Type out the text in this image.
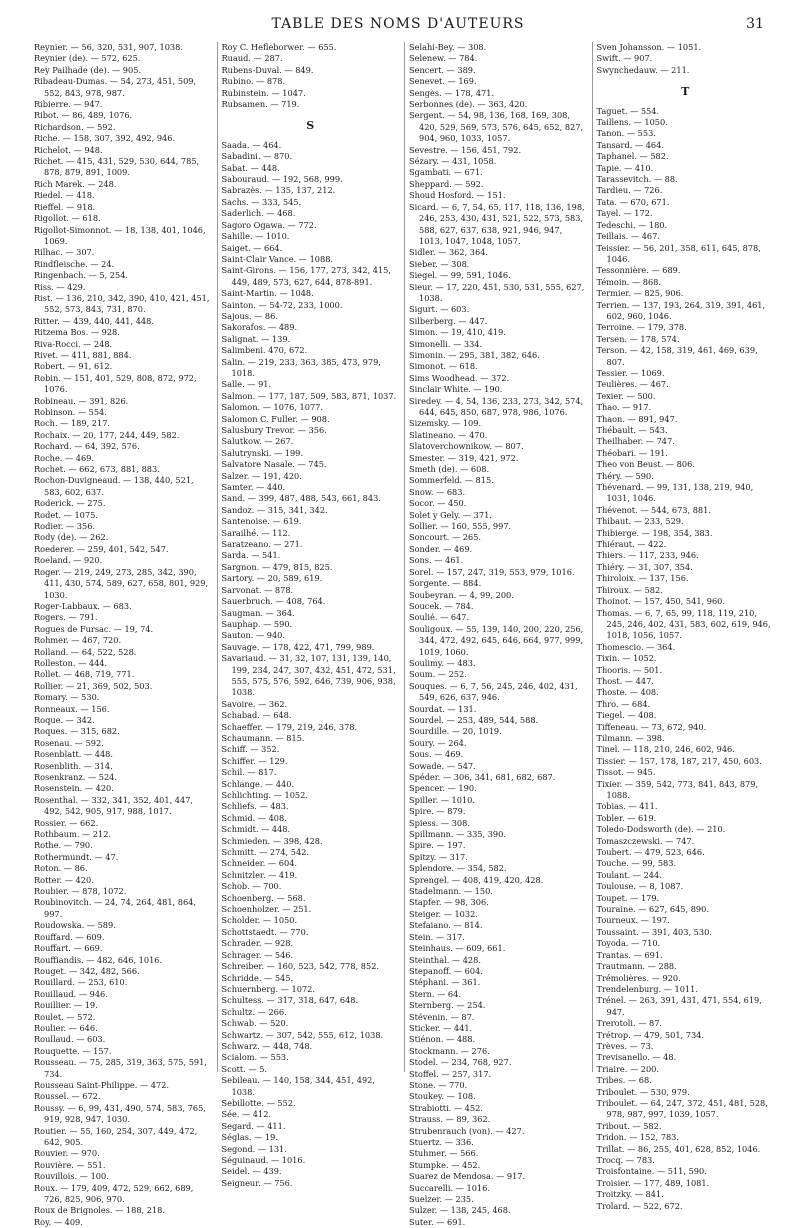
TABLE DES NOMS D'AUTEURS	31

Reynier. — 56, 320, 531, 907, 1038.

Reynier (de). — 572, 625.

Rey Pailhade (de). — 905.

Ribadeau-Dumas. — 54, 273, 451, 509, 552, 843, 978, 987.

Ribierre. — 947.

Ribot. — 86, 489, 1076.

Richardson. — 592.

Riche. — 158, 307, 392, 492, 946.

Richelot. — 948.

Richet. — 415, 431, 529, 530, 644, 785, 878, 879, 891, 1009.

Rich Marek. — 248.

Riedel. — 418.

Rieffel. — 918.

Rigollot. — 618.

Rigollot-Simonnot. — 18, 138, 401, 1046, 1069.

Rilhac. — 307.

Rindfleische. — 24.

Ringenbach. — 5, 254.

Riss. — 429.

Rist. — 136, 210, 342, 390, 410, 421, 451, 552, 573, 843, 731, 870.

Ritter. — 439, 440, 441, 448.

Ritzema Bos. — 928.

Riva-Rocci. — 248.

Rivet. — 411, 881, 884.

Robert. — 91, 612.

Robin. — 151, 401, 529, 808, 872, 972, 1076.

Robineau. — 391, 826.

Robinson. — 554.

Roch. — 189, 217.

Rochaix. — 20, 177, 244, 449, 582.

Rochard. — 64, 392, 576.

Roche. — 469.

Rochet. — 662, 673, 881, 883.

Rochon-Duvigneaud. — 138, 440, 521, 583, 602, 637.

Roderick. — 275.

Rodet. — 1075.

Rodier. — 356.

Rody (de). — 262.

Roederer. — 259, 401, 542, 547.

Roeland. — 920.

Roger. — 219, 249, 273, 285, 342, 390, 411, 430, 574, 589, 627, 658, 801, 929, 1030.

Roger-Labbaux. — 683.

Rogers. — 791.

Rogues de Fursac. — 19, 74.

Rohmer. — 467, 720.

Rolland. — 64, 522, 528.

Rolleston. — 444.

Rollet. — 468, 719, 771.

Rollier. — 21, 369, 502, 503.

Romary. — 530.

Ronneaux. — 156.

Roque. — 342.

Roques. — 315, 682.

Rosenau. — 592.

Rosenblatt. — 448.

Rosenblith. — 314.

Rosenkranz. — 524.

Rosenstein. — 420.

Rosenthal. — 332, 341, 352, 401, 447, 492, 542, 905, 917, 988, 1017.

Rossier. — 662.

Rothbaum. — 212.

Rothe. — 790.

Rothermundt. — 47.

Roton. — 86.

Rotter. — 420.

Roubier. — 878, 1072.

Roubinovitch. — 24, 74, 264, 481, 864, 997.

Roudowska. — 589.

Rouffard. — 609.

Rouffart. — 669.

Rouffiandis. — 482, 646, 1016.

Rouget. — 342, 482, 566.

Rouillard. — 253, 610.

Rouillaud. — 946.

Rouillier. — 19.

Roulet. — 572.

Roulier. — 646.

Roullaud. — 603.

Rouquette. — 157.

Rousseau. — 75, 285, 319, 363, 575, 591, 734.

Rousseau Saint-Philippe. — 472.

Roussel. — 672.

Roussy. — 6, 99, 431, 490, 574, 583, 765, 919, 928, 947, 1030.

Routier. — 55, 160, 254, 307, 449, 472, 642, 905.

Rouvier. — 970.

Rouvière. — 551.

Rouvillois. — 100.

Roux. — 179, 409, 472, 529, 662, 689, 726, 825, 906, 970.

Roux de Brignoles. — 188, 218.

Roy. — 409.

Roy C. Hefleborwer. — 655.

Ruaud. — 287.

Rubens-Duval. — 849.

Rubino. — 878.

Rubinstein. — 1047.

Rubsamen. — 719.

S

Saada. — 464.

Sabadini. — 870.

Sabat. — 448.

Sabouraud. — 192, 568, 999.

Sabrazès. — 135, 137, 212.

Sachs. — 333, 545.

Saderlich. — 468.

Sagoro Ogawa. — 772.

Sahille. — 1010.

Saiget. — 664.

Saint-Clair Vance. — 1088.

Saint-Girons. — 156, 177, 273, 342, 415, 449, 489, 573, 627, 644, 878-891.

Saint-Martin. — 1048.

Sainton. — 54-72, 233, 1000.

Sajous. — 86.

Sakorafos. — 489.

Salignat. — 139.

Salimbeni. 470, 672.

Salin. — 219, 233, 363, 385, 473, 979, 1018.

Salle. — 91.

Salmon. — 177, 187, 509, 583, 871, 1037.

Salomon. — 1076, 1077.

Salomon C. Fuller. — 908.

Salusbury Trevor. — 356.

Salutkow. — 267.

Salutrynski. — 199.

Salvatore Nasale. — 745.

Salzer. — 191, 420.

Samter. — 440.

Sand. — 399, 487, 488, 543, 661, 843.

Sandoz. — 315, 341, 342.

Santenoise. — 619.

Sarailhé. — 112.

Saratzeano. — 271.

Sarda. — 541.

Sargnon. — 479, 815, 825.

Sartory. — 20, 589, 619.

Sarvonat. — 878.

Sauerbruch. — 408, 764.

Saugman. — 364.

Sauphap. — 590.

Sauton. — 940.

Sauvage. — 178, 422, 471, 799, 989.

Savariaud. — 31, 32, 107, 131, 139, 140, 199, 234, 247, 307, 432, 451, 472, 531, 555, 575, 576, 592, 646, 739, 906, 938, 1038.

Savoire. — 362.

Schabad. — 648.

Schaeffer. — 179, 219, 246, 378.

Schaumann. — 815.

Schiff. — 352.

Schiffer. — 129.

Schil. — 817.

Schlange. — 440.

Schlichting. — 1052.

Schliefs. — 483.

Schmid. — 408.

Schmidt. — 448.

Schmieden. — 398, 428.

Schmitt. — 274, 542.

Schneider. — 604.

Schnitzler. — 419.

Schob. — 700.

Schoenberg. — 568.

Schoenholzer. — 251.

Scholder. — 1050.

Schottstaedt. — 770.

Schrader. — 928.

Schrager. — 546.

Schreiber. — 160, 523, 542, 778, 852.

Schridde. — 545.

Schuernberg. — 1072.

Schultess. — 317, 318, 647, 648.

Schultz. — 266.

Schwab. — 520.

Schwartz. — 307, 542, 555, 612, 1038.

Schwarz. — 448, 748.

Scialom. — 553.

Scott. — 5.

Sebileau. — 140, 158, 344, 451, 492, 1038.

Sebillotte. — 552.

Sée. — 412.

Segard. — 411.

Séglas. — 19.

Segond. — 131.

Séguinaud. — 1016.

Seidel. — 439.

Seigneur. — 756.

Selahi-Bey. — 308.

Selenew. — 784.

Sencert. — 389.

Senevet. — 169.

Sengès. — 178, 471.

Serbonnes (de). — 363, 420.

Sergent. — 54, 98, 136, 168, 169, 308, 420, 529, 569, 573, 576, 645, 652, 827, 904, 960, 1033, 1057.

Sevestre. — 156, 451, 792.

Sézary. — 431, 1058.

Sgambati. — 671.

Sheppard. — 592.

Shoud Hosford. — 151.

Sicard. — 6, 7, 54, 65, 117, 118, 136, 198, 246, 253, 430, 431, 521, 522, 573, 583, 588, 627, 637, 638, 921, 946, 947, 1013, 1047, 1048, 1057.

Sidler. — 362, 364.

Sieber. — 308.

Siegel. — 99, 591, 1046.

Sieur. — 17, 220, 451, 530, 531, 555, 627, 1038.

Sigurt. — 603.

Silberberg. — 447.

Simon. — 19, 410, 419.

Simonelli. — 334.

Simonin. — 295, 381, 382, 646.

Simonot. — 618.

Sims Woodhead. — 372.

Sinclair White. — 190.

Siredey. — 4, 54, 136, 233, 273, 342, 574, 644, 645, 850, 687, 978, 986, 1076.

Sizemsky. — 109.

Slatineano. — 470.

Slatoverchownikow. — 807.

Smester. — 319, 421, 972.

Smeth (de). — 608.

Sommerfeld. — 815.

Snow. — 683.

Socor. — 450.

Solet y Gely. — 371.

Sollier. — 160, 555, 997.

Soncourt. — 265.

Sonder. — 469.

Sons. — 461.

Sorel. — 157, 247, 319, 553, 979, 1016.

Sorgente. — 884.

Soubeyran. — 4, 99, 200.

Soucek. — 784.

Soulié. — 647.

Souligoux. — 55, 139, 140, 200, 220, 256, 344, 472, 492, 645, 646, 664, 977, 999, 1019, 1060.

Soulimy. — 483.

Soum. — 252.

Souques. — 6, 7, 56, 245, 246, 402, 431, 549, 626, 637, 946.

Sourdat. — 131.

Sourdel. — 253, 489, 544, 588.

Sourdille. — 20, 1019.

Soury. — 264.

Sous. — 469.

Sowade. — 547.

Spéder. — 306, 341, 681, 682, 687.

Spencer. — 190.

Spiller. — 1010.

Spire. — 879.

Spiess. — 308.

Spillmann. — 335, 390.

Spire. — 197.

Spitzy. — 317.

Splendore. — 354, 582.

Sprengel. — 408, 419, 420, 428.

Stadelmann. — 150.

Stapfer. — 98, 306.

Steiger. — 1032.

Stefaiano. — 814.

Stein. — 317.

Steinhaus. — 609, 661.

Steinthal. — 428.

Stepanoff. — 604.

Stéphani. — 361.

Stern. — 64.

Sternberg. — 254.

Stévenin. — 87.

Sticker. — 441.

Stiénon. — 488.

Stockmann. — 276.

Stodel. — 234, 768, 927.

Stoffel. — 257, 317.

Stone. — 770.

Stoukey. — 108.

Strabiotti. — 452.

Strauss. — 89, 362.

Strubenrauch (von). — 427.

Stuertz. — 336.

Stuhmer. — 566.

Stumpke. — 452.

Suarez de Mendosa. — 917.

Succarelli. — 1016.

Suelzer. — 235.

Sulzer. — 138, 245, 468.

Suter. — 691.

Sven Johansson. — 1051.

Swift. — 907.

Swynchedauw. — 211.

T

Taguet. — 554.

Taillens. — 1050.

Tanon. — 553.

Tansard. — 464.

Taphanel. — 582.

Tapie. — 410.

Tarassevitch. — 88.

Tardieu. — 726.

Tata. — 670, 671.

Tayel. — 172.

Tedeschi. — 180.

Teillais. — 467.

Teissier. — 56, 201, 358, 611, 645, 878, 1046.

Tessonnière. — 689.

Témoin. — 868.

Termier. — 825, 906.

Terrien. — 137, 193, 264, 319, 391, 461, 602, 960, 1046.

Terroine. — 179, 378.

Tersen. — 178, 574.

Terson. — 42, 158, 319, 461, 469, 639, 807.

Tessier. — 1069.

Teulières. — 467.

Texier. — 500.

Thao. — 917.

Thaon. — 891, 947.

Thébault. — 543.

Theilhaber. — 747.

Théobari. — 191.

Theo von Beust. — 806.

Théry. — 590.

Thévenard. — 99, 131, 138, 219, 940, 1031, 1046.

Thévenot. — 544, 673, 881.

Thibaut. — 233, 529.

Thibierge. — 198, 354, 383.

Thiéraut. — 422.

Thiers. — 117, 233, 946.

Thiéry. — 31, 307, 354.

Thiroloix. — 137, 156.

Thiroux. — 582.

Thoinot. — 157, 450, 541, 960.

Thomas. — 6, 7, 65, 99, 118, 119, 210, 245, 246, 402, 431, 583, 602, 619, 946, 1018, 1056, 1057.

Thomescio. — 364.

Tixin. — 1052.

Thooris. — 501.

Thost. — 447.

Thoste. — 408.

Thro. — 684.

Tiegel. — 408.

Tiffeneau. — 73, 672, 940.

Tilmann. — 398.

Tinel. — 118, 210, 246, 602, 946.

Tissier. — 157, 178, 187, 217, 450, 603.

Tissot. — 945.

Tixier. — 359, 542, 773, 841, 843, 879, 1088.

Tobias. — 411.

Tobler. — 619.

Toledo-Dodsworth (de). — 210.

Tomaszczewski. — 747.

Toubert. — 479, 523, 646.

Touche. — 99, 583.

Toulant. — 244.

Toulouse. — 8, 1087.

Toupet. — 179.

Touraine. — 627, 645, 890.

Tourneux. — 197.

Toussaint. — 391, 403, 530.

Toyoda. — 710.

Trantas. — 691.

Trautmann. — 288.

Trémolières. — 920.

Trendelenburg. — 1011.

Trénel. — 263, 391, 431, 471, 554, 619, 947.

Trerotoli. — 87.

Trétrop. — 479, 501, 734.

Trèves. — 73.

Trevisanello. — 48.

Triaire. — 200.

Tribes. — 68.

Triboulet. — 530, 979.

Triboulet. — 64, 247, 372, 451, 481, 528, 978, 987, 997, 1039, 1057.

Tribout. — 582.

Tridon. — 152, 783.

Trillat. — 86, 255, 401, 628, 852, 1046.

Trocq. — 783.

Troisfontaine. — 511, 590.

Troisier. — 177, 489, 1081.

Troitzky. — 841.

Trolard. — 522, 672.
